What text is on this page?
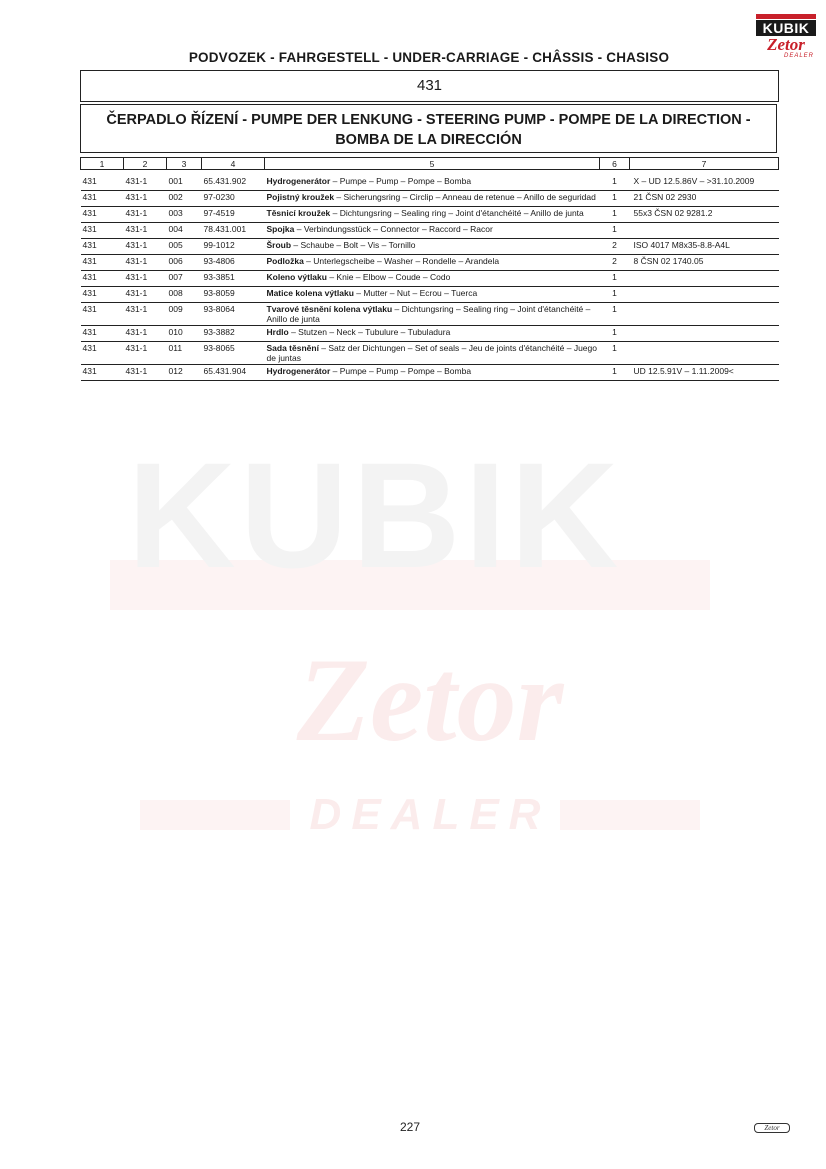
KUBIK
Zetor
DEALER
KUBIK
Zetor
DEALER
PODVOZEK - FAHRGESTELL - UNDER-CARRIAGE - CHÂSSIS - CHASISO
431
ČERPADLO ŘÍZENÍ - PUMPE DER LENKUNG - STEERING PUMP - POMPE DE LA DIRECTION - BOMBA DE LA DIRECCIÓN
1	2	3	4	5	6	7
431	431-1	001	65.431.902	Hydrogenerátor – Pumpe – Pump – Pompe – Bomba	1	X – UD 12.5.86V – >31.10.2009
431	431-1	002	97-0230	Pojistný kroužek – Sicherungsring – Circlip – Anneau de retenue – Anillo de seguridad	1	21 ČSN 02 2930
431	431-1	003	97-4519	Těsnicí kroužek – Dichtungsring – Sealing ring – Joint d'étanchéité – Anillo de junta	1	55x3 ČSN 02 9281.2
431	431-1	004	78.431.001	Spojka – Verbindungsstück – Connector – Raccord – Racor	1	
431	431-1	005	99-1012	Šroub – Schaube – Bolt – Vis – Tornillo	2	ISO 4017 M8x35-8.8-A4L
431	431-1	006	93-4806	Podložka – Unterlegscheibe – Washer – Rondelle – Arandela	2	8 ČSN 02 1740.05
431	431-1	007	93-3851	Koleno výtlaku – Knie – Elbow – Coude – Codo	1	
431	431-1	008	93-8059	Matice kolena výtlaku – Mutter – Nut – Ecrou – Tuerca	1	
431	431-1	009	93-8064	Tvarové těsnění kolena výtlaku – Dichtungsring – Sealing ring – Joint d'étanchéité – Anillo de junta	1	
431	431-1	010	93-3882	Hrdlo – Stutzen – Neck – Tubulure – Tubuladura	1	
431	431-1	011	93-8065	Sada těsnění – Satz der Dichtungen – Set of seals – Jeu de joints d'étanchéité – Juego de juntas	1	
431	431-1	012	65.431.904	Hydrogenerátor – Pumpe – Pump – Pompe – Bomba	1	UD 12.5.91V – 1.11.2009<
227	Zetor
